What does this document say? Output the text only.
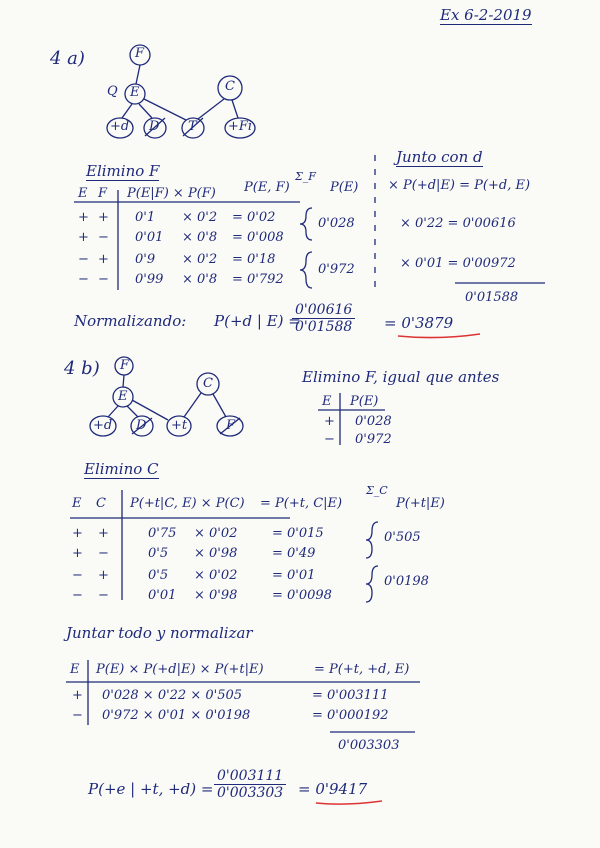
Ex 6-2-2019
4 a)
Q
F
E	C
+d D T +Fi
Elimino F
E F P(E|F) × P(F) P(E, F)
Σ_F
P(E)
+ + 0'1 × 0'2 = 0'02
+ − 0'01 × 0'8 = 0'008
− + 0'9 × 0'2 = 0'18
− − 0'99 × 0'8 = 0'792
0'028
0'972
Junto con d
× P(+d|E) = P(+d, E)
× 0'22 = 0'00616
× 0'01 = 0'00972
0'01588
Normalizando: P(+d | E) =
$\frac{0'00616}{0'01588} = 0'3879$
4 b) F
E
C
+d D +t	F
Elimino F, igual que antes
E P(E)
+ 0'028
− 0'972
Elimino C
E C P(+t|C, E) × P(C) = P(+t, C|E)
Σ_C
P(+t|E)
+ +	0'75 × 0'02	= 0'015
+ −	0'5 × 0'98	= 0'49
− +	0'5 × 0'02	= 0'01
− −	0'01 × 0'98	= 0'0098
0'505
0'0198
Juntar todo y normalizar
E P(E) × P(+d|E) × P(+t|E)	= P(+t, +d, E)
+ 0'028 × 0'22 × 0'505	= 0'003111
− 0'972 × 0'01 × 0'0198	= 0'000192
0'003303
P(+e | +t, $+d) = \frac{0'003111}{0'003303} = 0'9417$
